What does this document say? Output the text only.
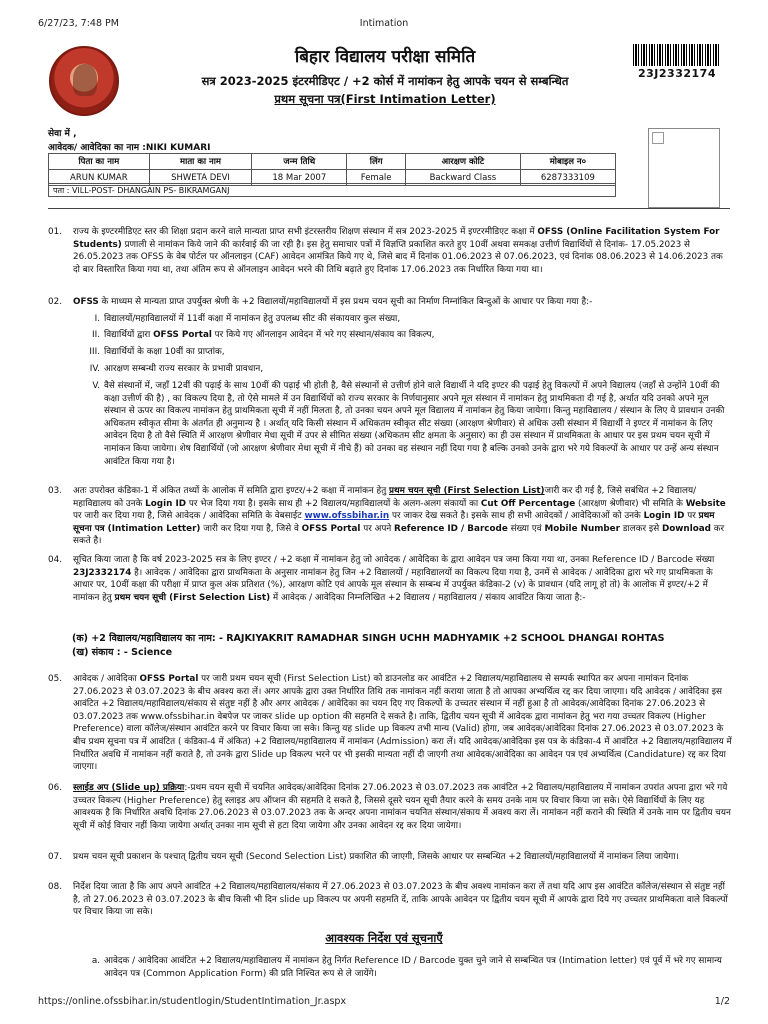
6/27/23, 7:48 PM	Intimation
बिहार विद्यालय परीक्षा समिति
सत्र 2023-2025 इंटरमीडिएट / +2 कोर्स में नामांकन हेतु आपके चयन से सम्बन्धित
प्रथम सूचना पत्र(First Intimation Letter)
23J2332174
सेवा में ,
आवेदक/ आवेदिका का नाम :NIKI KUMARI
पिता का नाम	माता का नाम	जन्म तिथि	लिंग	आरक्षण कोटि	मोबाइल न०
ARUN KUMAR	SHWETA DEVI	18 Mar 2007	Female	Backward Class	6287333109
पता : VILL-POST- DHANGAIN PS- BIKRAMGANJ
01. राज्य के इण्टरमीडिएट स्तर की शिक्षा प्रदान करने वाले मान्यता प्राप्त सभी इंटरस्तरीय शिक्षण संस्थान में सत्र 2023-2025 में इण्टरमीडिएट कक्षा में OFSS (Online Facilitation System For Students) प्रणाली से नामांकन किये जाने की कार्रवाई की जा रही है। इस हेतु समाचार पत्रों में विज्ञप्ति प्रकाशित करते हुए 10वीं अथवा समकक्ष उत्तीर्ण विद्यार्थियों से दिनांक- 17.05.2023 से 26.05.2023 तक OFSS के वेब पोर्टल पर ऑनलाइन (CAF) आवेदन आमंत्रित किये गए थे, जिसे बाद में दिनांक 01.06.2023 से 07.06.2023, एवं दिनांक 08.06.2023 से 14.06.2023 तक दो बार विस्तारित किया गया था, तथा अंतिम रूप से ऑनलाइन आवेदन भरने की तिथि बढ़ाते हुए दिनांक 17.06.2023 तक निर्धारित किया गया था।
02. OFSS के माध्यम से मान्यता प्राप्त उपर्युक्त श्रेणी के +2 विद्यालयों/महाविद्यालयों में इस प्रथम चयन सूची का निर्माण निम्नांकित बिन्दुओं के आधार पर किया गया है:-
I. विद्यालयों/महाविद्यालयों में 11वीं कक्षा में नामांकन हेतु उपलब्ध सीट की संकायवार कुल संख्या,
II. विद्यार्थियों द्वारा OFSS Portal पर किये गए ऑनलाइन आवेदन में भरे गए संस्थान/संकाय का विकल्प,
III. विद्यार्थियों के कक्षा 10वीं का प्राप्तांक,
IV. आरक्षण सम्बन्धी राज्य सरकार के प्रभावी प्रावधान,
V. वैसे संस्थानों में, जहाँ 12वीं की पढ़ाई के साथ 10वीं की पढ़ाई भी होती है, वैसे संस्थानों से उत्तीर्ण होने वाले विद्यार्थी ने यदि इण्टर की पढ़ाई हेतु विकल्पों में अपने विद्यालय (जहाँ से उन्होंने 10वीं की कक्षा उत्तीर्ण की है) , का विकल्प दिया है, तो ऐसे मामले में उन विद्यार्थियों को राज्य सरकार के निर्णयानुसार अपने मूल संस्थान में नामांकन हेतु प्राथमिकता दी गई है, अर्थात यदि उनको अपने मूल संस्थान से ऊपर का विकल्प नामांकन हेतु प्राथमिकता सूची में नहीं मिलता है, तो उनका चयन अपने मूल विद्यालय में नामांकन हेतु किया जायेगा। किन्तु महाविद्यालय / संस्थान के लिए ये प्रावधान उनकी अधिकतम स्वीकृत सीमा के अंतर्गत ही अनुमान्य है । अर्थात् यदि किसी संस्थान में अधिकतम स्वीकृत सीट संख्या (आरक्षण श्रेणीवार) से अधिक उसी संस्थान में विद्यार्थी ने इण्टर में नामांकन के लिए आवेदन दिया है तो वैसे स्थिति में आरक्षण श्रेणीवार मेधा सूची में उपर से सीमित संख्या (अधिकतम सीट क्षमता के अनुसार) का ही उस संस्थान में प्राथमिकता के आधार पर इस प्रथम चयन सूची में नामांकन किया जायेगा। शेष विद्यार्थियों (जो आरक्षण श्रेणीवार मेधा सूची में नीचे हैं) को उनका वह संस्थान नहीं दिया गया है बल्कि उनको उनके द्वारा भरे गये विकल्पों के आधार पर उन्हें अन्य संस्थान आवंटित किया गया है।
03. अतः उपरोक्त कंडिका-1 में अंकित तथ्यों के आलोक में समिति द्वारा इण्टर/+2 कक्षा में नामांकन हेतु प्रथम चयन सूची (First Selection List)जारी कर दी गई है, जिसे सबंधित +2 विद्यालय/ महाविद्यालय को उनके Login ID पर भेज दिया गया है। इसके साथ ही +2 विद्यालय/महाविद्यालयों के अलग-अलग संकायों का Cut Off Percentage (आरक्षण श्रेणीवार) भी समिति के Website पर जारी कर दिया गया है, जिसे आवेदक / आवेदिका समिति के वेबसाईट www.ofssbihar.in पर जाकर देख सकते है। इसके साथ ही सभी आवेदकों / आवेदिकाओं को उनके Login ID पर प्रथम सूचना पत्र (Intimation Letter) जारी कर दिया गया है, जिसे वे OFSS Portal पर अपने Reference ID / Barcode संख्या एवं Mobile Number डालकर इसे Download कर सकते है।
04. सूचित किया जाता है कि वर्ष 2023-2025 सत्र के लिए इण्टर / +2 कक्षा में नामांकन हेतु जो आवेदक / आवेदिका के द्वारा आवेदन पत्र जमा किया गया था, उनका Reference ID / Barcode संख्या 23J2332174 है। आवेदक / आवेदिका द्वारा प्राथमिकता के अनुसार नामांकन हेतु जिन +2 विद्यालयों / महाविद्यालयों का विकल्प दिया गया है, उनमें से आवेदक / आवेदिका द्वारा भरे गए प्राथमिकता के आधार पर, 10वीं कक्षा की परीक्षा में प्राप्त कुल अंक प्रतिशत (%), आरक्षण कोटि एवं आपके मूल संस्थान के सम्बन्ध में उपर्युक्त कंडिका-2 (v) के प्रावधान (यदि लागू हो तो) के आलोक में इण्टर/+2 में नामांकन हेतु प्रथम चयन सूची (First Selection List) में आवेदक / आवेदिका निम्नलिखित +2 विद्यालय / महाविद्यालय / संकाय आवंटित किया जाता है:-
(क) +2 विद्यालय/महाविद्यालय का नाम: - RAJKIYAKRIT RAMADHAR SINGH UCHH MADHYAMIK +2 SCHOOL DHANGAI ROHTAS
(ख) संकाय : - Science
05. आवेदक / आवेदिका OFSS Portal पर जारी प्रथम चयन सूची (First Selection List) को डाउनलोड कर आवंटित +2 विद्यालय/महाविद्यालय से सम्पर्क स्थापित कर अपना नामांकन दिनांक 27.06.2023 से 03.07.2023 के बीच अवश्य करा लें। अगर आपके द्वारा उक्त निर्धारित तिथि तक नामांकन नहीं कराया जाता है तो आपका अभ्यर्थित्व रद्द कर दिया जाएगा। यदि आवेदक / आवेदिका इस आवंटित +2 विद्यालय/महाविद्यालय/संकाय से संतुष्ट नहीं है और अगर आवेदक / आवेदिका का चयन दिए गए विकल्पों के उच्चतर संस्थान में नहीं हुआ है तो आवेदक/आवेदिका दिनांक 27.06.2023 से 03.07.2023 तक www.ofssbihar.in वेबपेज पर जाकर slide up option की सहमति दे सकते है। ताकि, द्वितीय चयन सूची में आवेदक द्वारा नामांकन हेतु भरा गया उच्चतर विकल्प (Higher Preference) वाला कॉलेज/संस्थान आवंटित करने पर विचार किया जा सके। किन्तु यह slide up विकल्प तभी मान्य (Valid) होगा, जब आवेदक/आवेदिका दिनांक 27.06.2023 से 03.07.2023 के बीच प्रथम सूचना पत्र में आवंटित ( कंडिका-4 में अंकित) +2 विद्यालय/महाविद्यालय में नामांकन (Admission) करा लें। यदि आवेदक/आवेदिका इस पत्र के कंडिका-4 में आवंटित +2 विद्यालय/महाविद्यालय में निर्धारित अवधि में नामांकन नहीं कराते है, तो उनके द्वारा Slide up विकल्प भरने पर भी इसकी मान्यता नहीं दी जाएगी तथा आवेदक/आवेदिका का आवेदन पत्र एवं अभ्यर्थित्व (Candidature) रद्द कर दिया जाएगा।
06. स्लाईड अप (Slide up) प्रक्रिया:-प्रथम चयन सूची में चयनित आवेदक/आवेदिका दिनांक 27.06.2023 से 03.07.2023 तक आवंटित +2 विद्यालय/महाविद्यालय में नामांकन उपरांत अपना द्वारा भरे गये उच्चतर विकल्प (Higher Preference) हेतु स्लाइड अप ऑप्शन की सहमति दे सकते है, जिससे दूसरे चयन सूची तैयार करने के समय उनके नाम पर विचार किया जा सके। ऐसे विद्यार्थियों के लिए यह आवश्यक है कि निर्धारित अवधि दिनांक 27.06.2023 से 03.07.2023 तक के अन्दर अपना नामांकन चयनित संस्थान/संकाय में अवश्य करा लें। नामांकन नहीं कराने की स्थिति में उनके नाम पर द्वितीय चयन सूची में कोई विचार नहीं किया जायेगा अर्थात् उनका नाम सूची से हटा दिया जायेगा और उनका आवेदन रद्द कर दिया जायेगा।
07. प्रथम चयन सूची प्रकाशन के पश्चात् द्वितीय चयन सूची (Second Selection List) प्रकाशित की जाएगी, जिसके आधार पर सम्बन्धित +2 विद्यालयों/महाविद्यालयों में नामांकन लिया जायेगा।
08. निर्देश दिया जाता है कि आप अपने आवंटित +2 विद्यालय/महाविद्यालय/संकाय में 27.06.2023 से 03.07.2023 के बीच अवश्य नामांकन करा लें तथा यदि आप इस आवंटित कॉलेज/संस्थान से संतुष्ट नहीं है, तो 27.06.2023 से 03.07.2023 के बीच किसी भी दिन slide up विकल्प पर अपनी सहमति दें, ताकि आपके आवेदन पर द्वितीय चयन सूची में आपके द्वारा दिये गए उच्चतर प्राथमिकता वाले विकल्पों पर विचार किया जा सके।
आवश्यक निर्देश एवं सूचनाएँ
a. आवेदक / आवेदिका आवंटित +2 विद्यालय/महाविद्यालय में नामांकन हेतु निर्गत Reference ID / Barcode युक्त चुने जाने से सम्बन्धित पत्र (Intimation letter) एवं पूर्व में भरे गए सामान्य आवेदन पत्र (Common Application Form) की प्रति निश्चित रूप से ले जायेंगे।
https://online.ofssbihar.in/studentlogin/StudentIntimation_Jr.aspx	1/2
